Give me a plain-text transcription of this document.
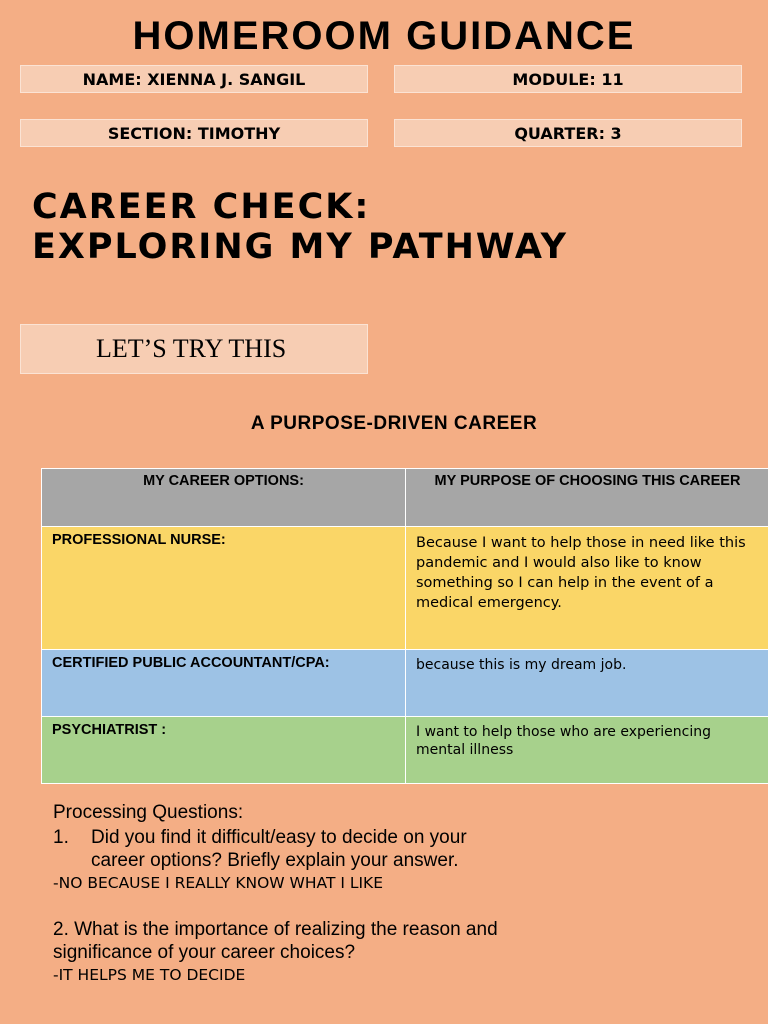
HOMEROOM GUIDANCE
NAME: XIENNA J. SANGIL	MODULE: 11
SECTION: TIMOTHY	QUARTER: 3
CAREER CHECK:
EXPLORING MY PATHWAY
LET’S TRY THIS
A PURPOSE-DRIVEN CAREER
MY CAREER OPTIONS:	MY PURPOSE OF CHOOSING THIS CAREER
PROFESSIONAL NURSE:	Because I want to help those in need like this pandemic and I would also like to know something so I can help in the event of a medical emergency.
CERTIFIED PUBLIC ACCOUNTANT/CPA:	because this is my dream job.
PSYCHIATRIST :	I want to help those who are experiencing mental illness
Processing Questions:
1. Did you find it difficult/easy to decide on your
career options? Briefly explain your answer.
-NO BECAUSE I REALLY KNOW WHAT I LIKE
2. What is the importance of realizing the reason and
significance of your career choices?
-IT HELPS ME TO DECIDE
